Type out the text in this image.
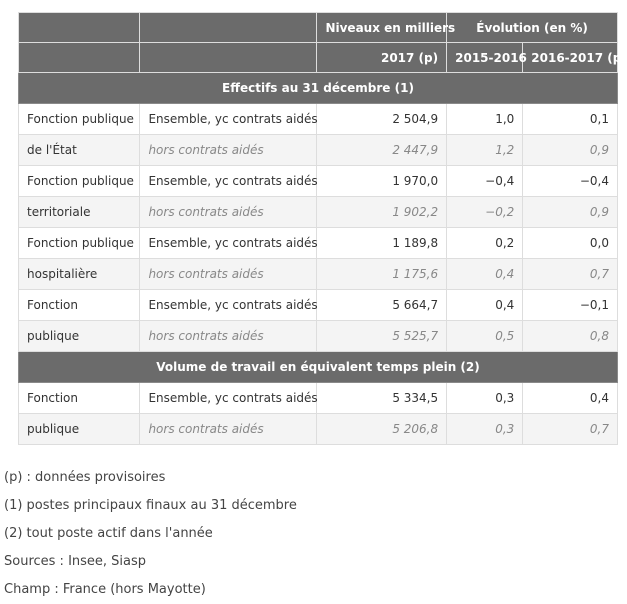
		Niveaux en milliers	Évolution (en %)	
		2017 (p)	2015-2016	2016-2017 (p)
Effectifs au 31 décembre (1)				
Fonction publique	Ensemble, yc contrats aidés	2 504,9	1,0	0,1
de l'État	hors contrats aidés	2 447,9	1,2	0,9
Fonction publique	Ensemble, yc contrats aidés	1 970,0	−0,4	−0,4
territoriale	hors contrats aidés	1 902,2	−0,2	0,9
Fonction publique	Ensemble, yc contrats aidés	1 189,8	0,2	0,0
hospitalière	hors contrats aidés	1 175,6	0,4	0,7
Fonction	Ensemble, yc contrats aidés	5 664,7	0,4	−0,1
publique	hors contrats aidés	5 525,7	0,5	0,8
Volume de travail en équivalent temps plein (2)				
Fonction	Ensemble, yc contrats aidés	5 334,5	0,3	0,4
publique	hors contrats aidés	5 206,8	0,3	0,7
(p) : données provisoires
(1) postes principaux finaux au 31 décembre
(2) tout poste actif dans l'année
Sources : Insee, Siasp
Champ : France (hors Mayotte)
